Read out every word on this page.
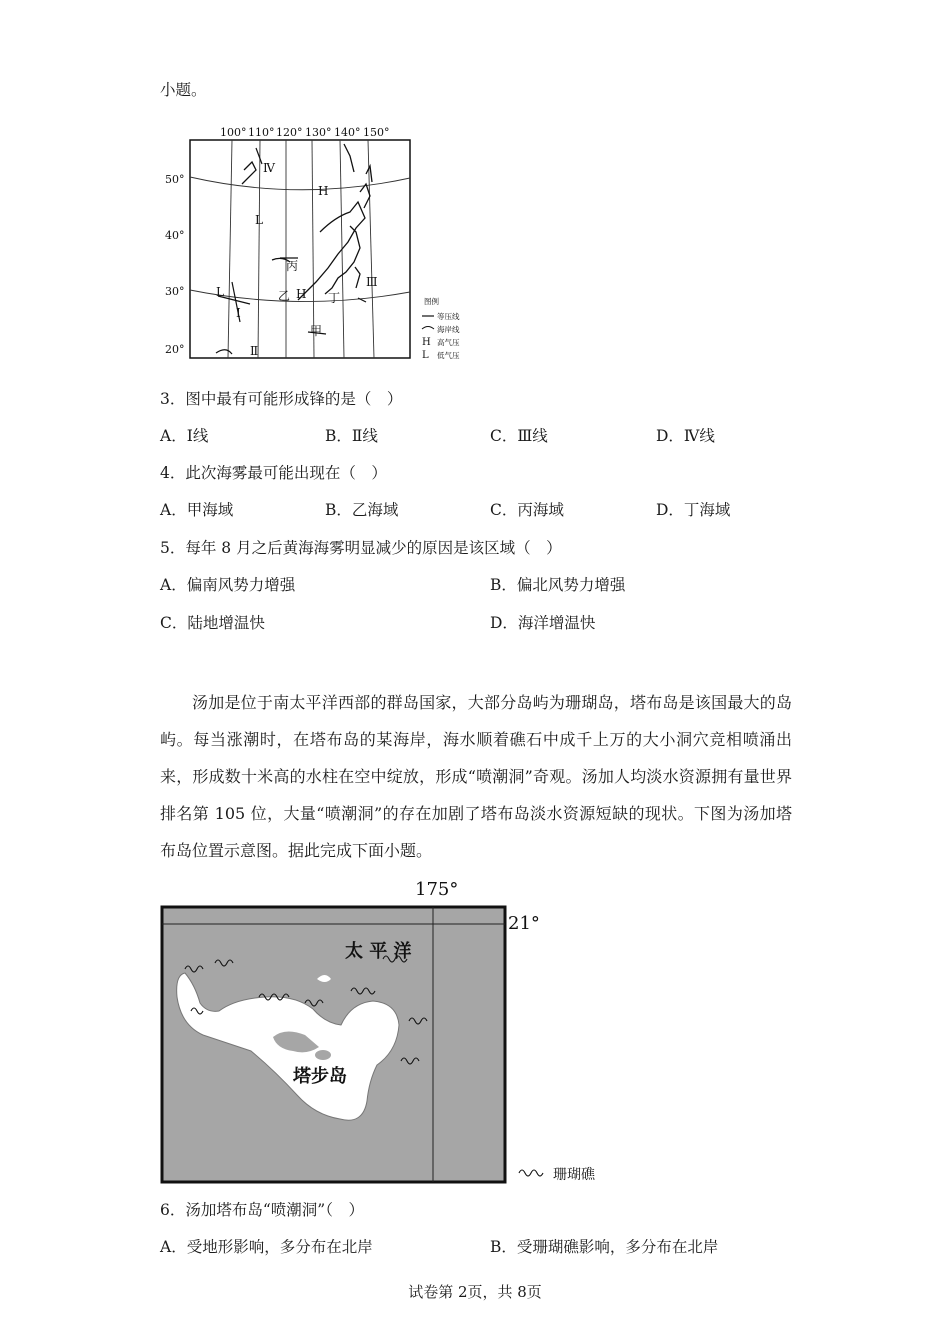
小题。
100° 110° 120° 130° 140° 150°
50°
40°
30°
20°
Ⅳ
H
L
丙
L
Ⅰ
乙 H 丁
Ⅲ
甲
Ⅱ
图例
等压线
海岸线
H 高气压
L 低气压
3．图中最有可能形成锋的是（　）
A．Ⅰ线	B．Ⅱ线	C．Ⅲ线	D．Ⅳ线
4．此次海雾最可能出现在（　）
A．甲海域	B．乙海域	C．丙海域	D．丁海域
5．每年 8 月之后黄海海雾明显减少的原因是该区域（　）
A．偏南风势力增强	B．偏北风势力增强
C．陆地增温快	D．海洋增温快

汤加是位于南太平洋西部的群岛国家，大部分岛屿为珊瑚岛，塔布岛是该国最大的岛屿。每当涨潮时，在塔布岛的某海岸，海水顺着礁石中成千上万的大小洞穴竞相喷涌出来，形成数十米高的水柱在空中绽放，形成“喷潮洞”奇观。汤加人均淡水资源拥有量世界排名第 105 位，大量“喷潮洞”的存在加剧了塔布岛淡水资源短缺的现状。下图为汤加塔布岛位置示意图。据此完成下面小题。

175°
21°
太 平 洋
塔步岛
珊瑚礁
6．汤加塔布岛“喷潮洞”（　）
A．受地形影响，多分布在北岸	B．受珊瑚礁影响，多分布在北岸
试卷第 2页，共 8页
